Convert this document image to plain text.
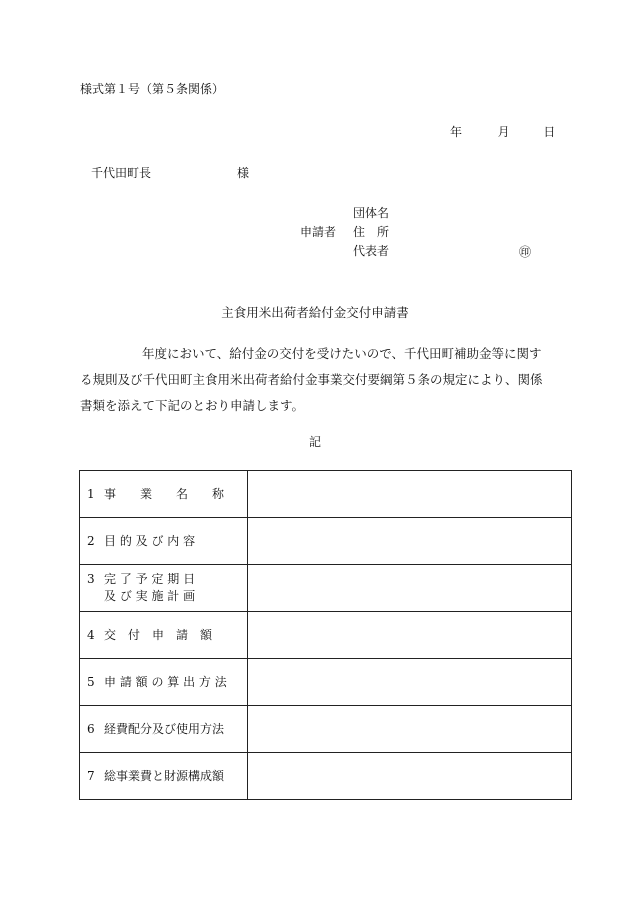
様式第１号（第５条関係）
年	月	日
千代田町長	様
団体名
申請者 住　所
代表者	㊞
主食用米出荷者給付金交付申請書

年度において、給付金の交付を受けたいので、千代田町補助金等に関す
る規則及び千代田町主食用米出荷者給付金事業交付要綱第５条の規定により、関係
書類を添えて下記のとおり申請します。

記
1 事　　業　　名　　称	

2 目 的 及 び 内 容	

3 完 了 予 定 期 日
及 び 実 施 計 画	

4 交　付　申　請　額	

5 申 請 額 の 算 出 方 法	

6 経費配分及び使用方法	

7 総事業費と財源構成額	
